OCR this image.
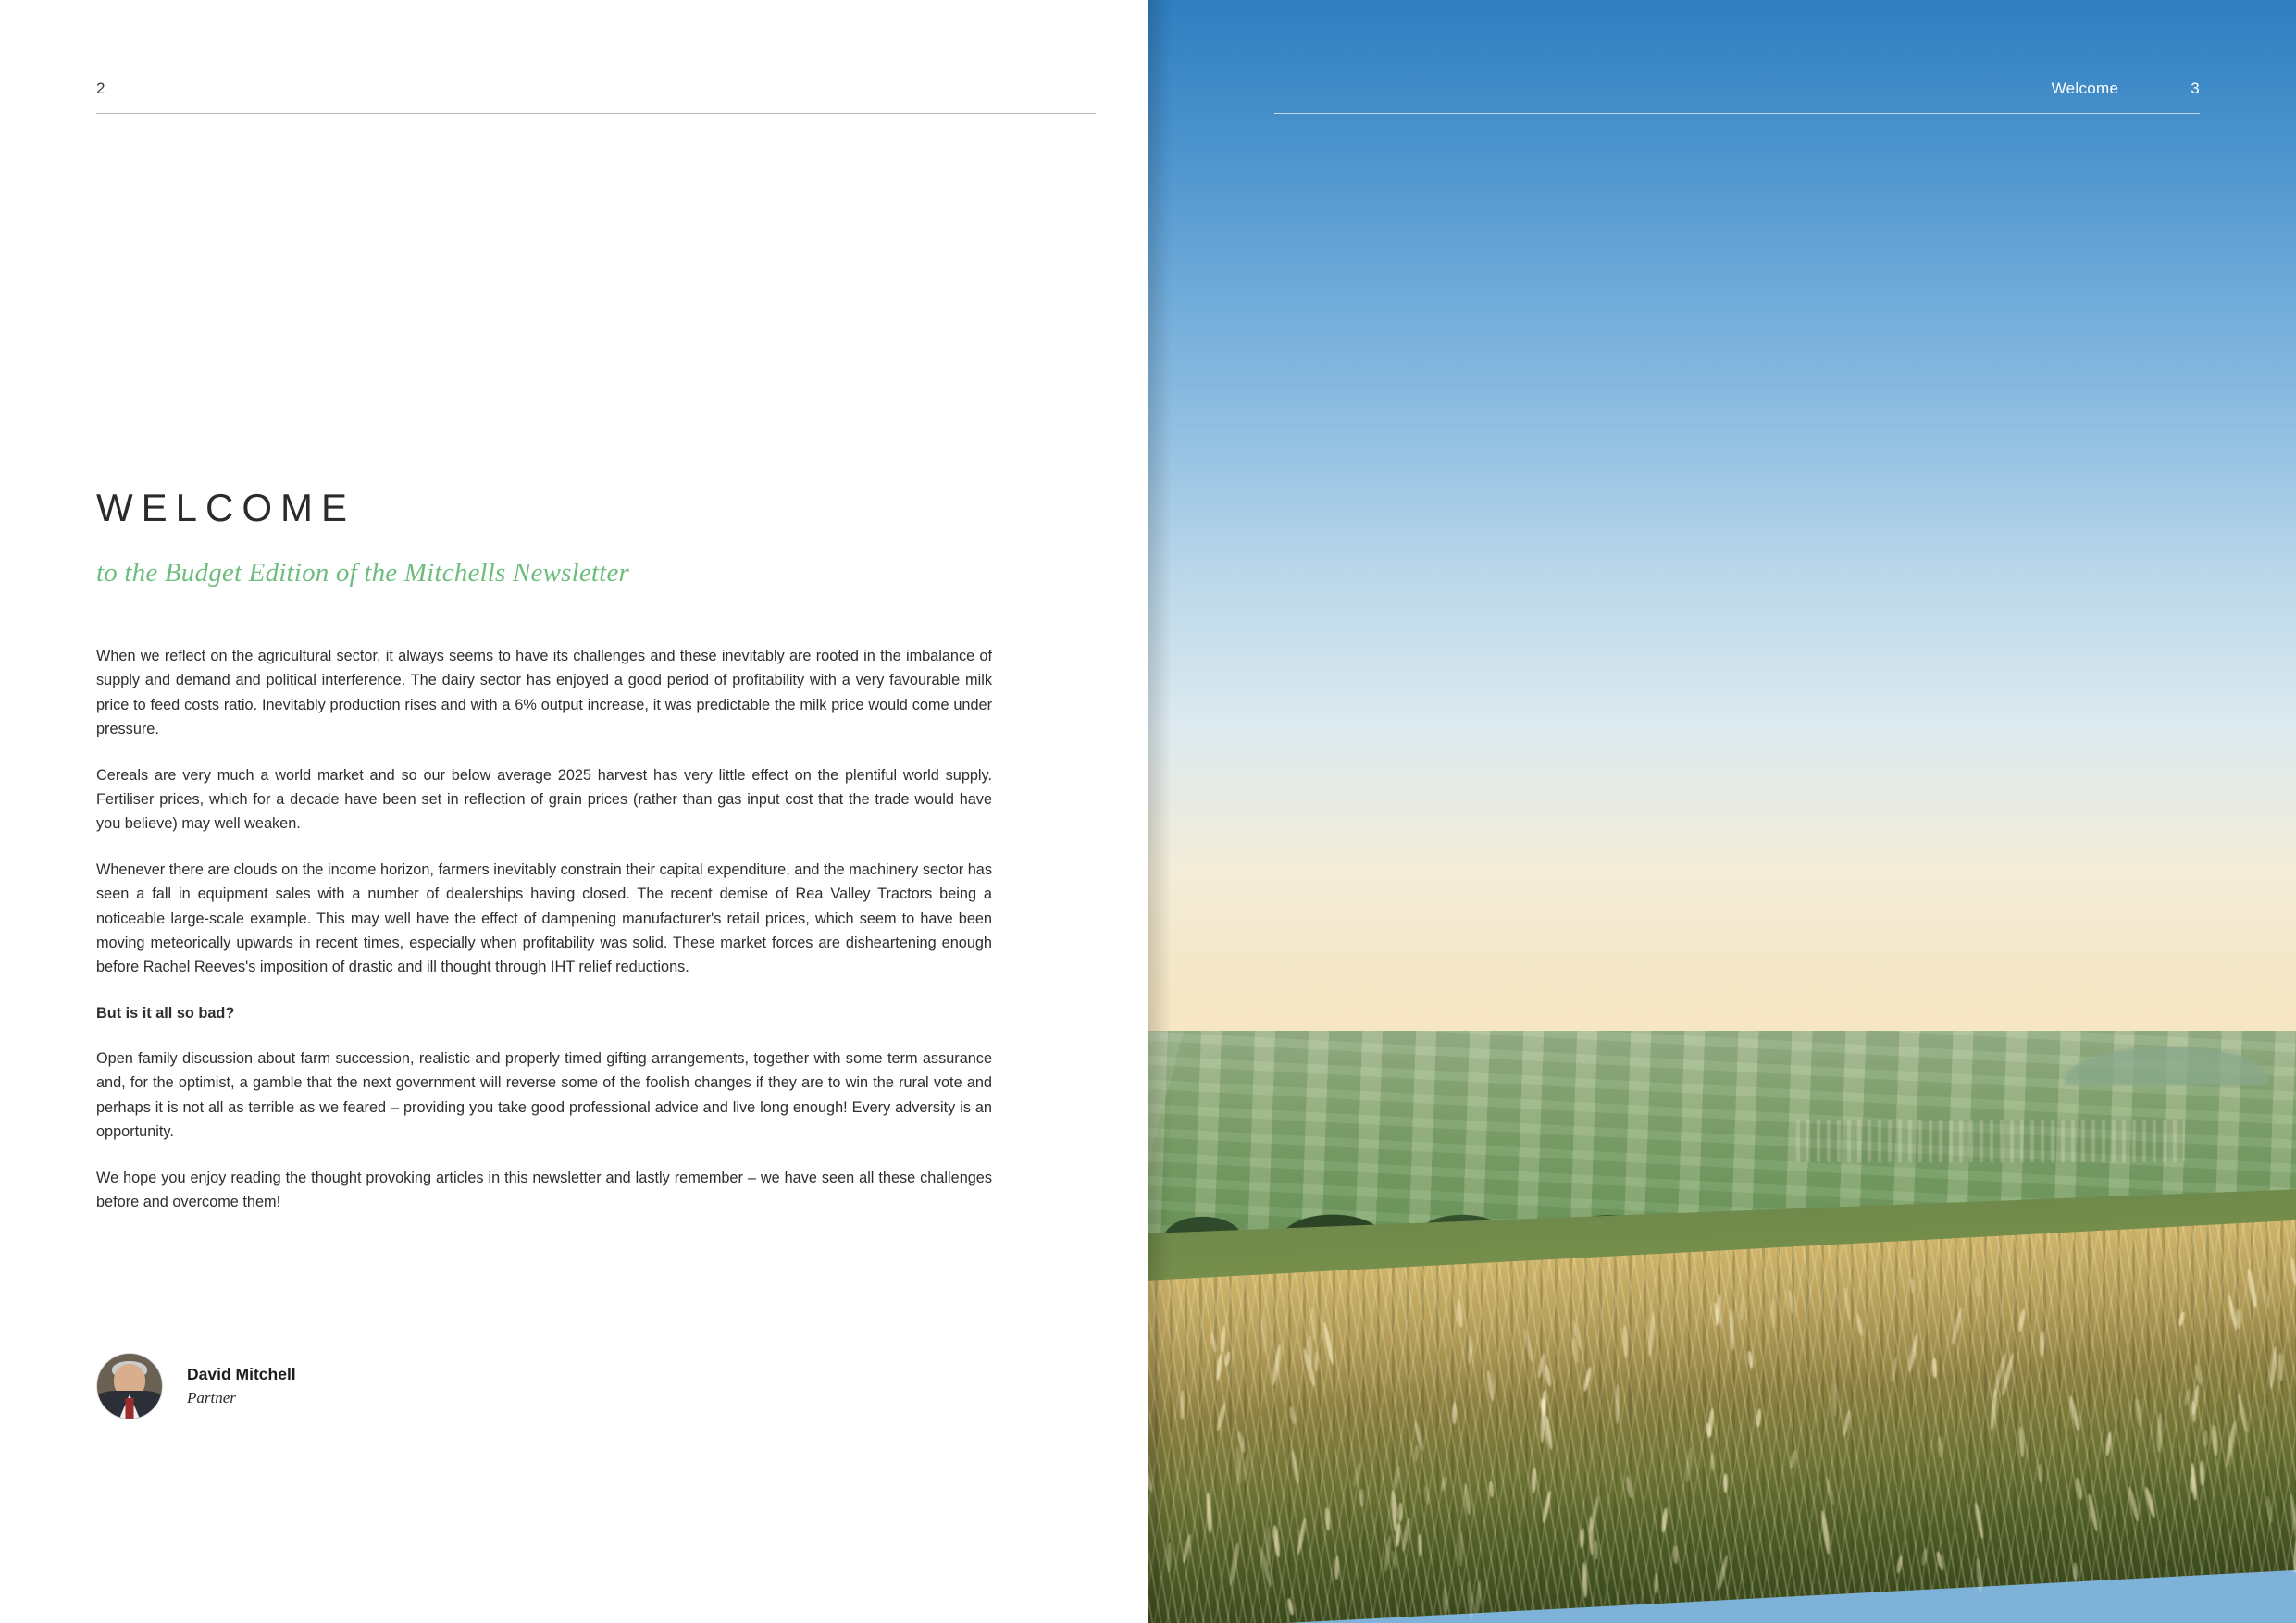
2
WELCOME
to the Budget Edition of the Mitchells Newsletter

When we reflect on the agricultural sector, it always seems to have its challenges and these inevitably are rooted in the imbalance of supply and demand and political interference. The dairy sector has enjoyed a good period of profitability with a very favourable milk price to feed costs ratio. Inevitably production rises and with a 6% output increase, it was predictable the milk price would come under pressure.

Cereals are very much a world market and so our below average 2025 harvest has very little effect on the plentiful world supply. Fertiliser prices, which for a decade have been set in reflection of grain prices (rather than gas input cost that the trade would have you believe) may well weaken.

Whenever there are clouds on the income horizon, farmers inevitably constrain their capital expenditure, and the machinery sector has seen a fall in equipment sales with a number of dealerships having closed. The recent demise of Rea Valley Tractors being a noticeable large-scale example. This may well have the effect of dampening manufacturer's retail prices, which seem to have been moving meteorically upwards in recent times, especially when profitability was solid. These market forces are disheartening enough before Rachel Reeves's imposition of drastic and ill thought through IHT relief reductions.

But is it all so bad?

Open family discussion about farm succession, realistic and properly timed gifting arrangements, together with some term assurance and, for the optimist, a gamble that the next government will reverse some of the foolish changes if they are to win the rural vote and perhaps it is not all as terrible as we feared – providing you take good professional advice and live long enough! Every adversity is an opportunity.

We hope you enjoy reading the thought provoking articles in this newsletter and lastly remember – we have seen all these challenges before and overcome them!

David Mitchell
Partner
Welcome	3
